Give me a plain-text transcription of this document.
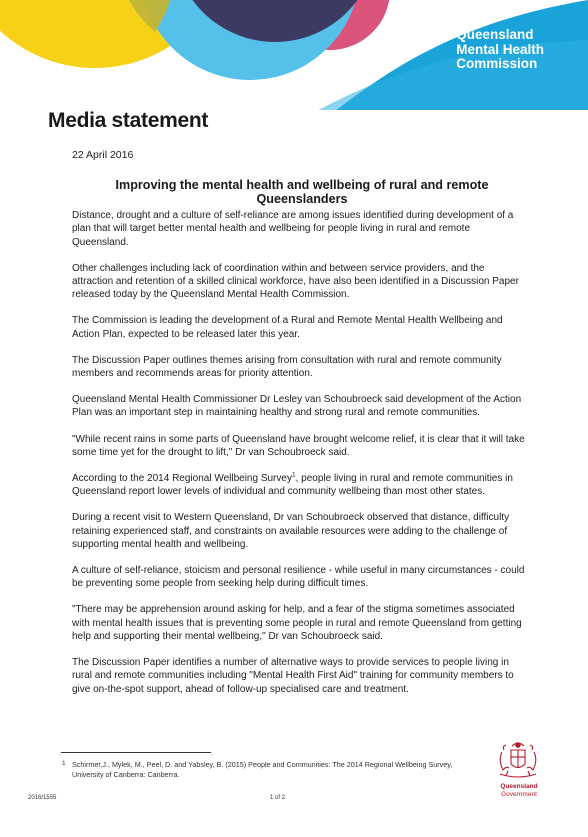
Queensland
Mental Health
Commission
Media statement
22 April 2016
Improving the mental health and wellbeing of rural and remote Queenslanders

Distance, drought and a culture of self-reliance are among issues identified during development of a plan that will target better mental health and wellbeing for people living in rural and remote Queensland.

Other challenges including lack of coordination within and between service providers, and the attraction and retention of a skilled clinical workforce, have also been identified in a Discussion Paper released today by the Queensland Mental Health Commission.

The Commission is leading the development of a Rural and Remote Mental Health Wellbeing and Action Plan, expected to be released later this year.

The Discussion Paper outlines themes arising from consultation with rural and remote community members and recommends areas for priority attention.

Queensland Mental Health Commissioner Dr Lesley van Schoubroeck said development of the Action Plan was an important step in maintaining healthy and strong rural and remote communities.

"While recent rains in some parts of Queensland have brought welcome relief, it is clear that it will take some time yet for the drought to lift," Dr van Schoubroeck said.

According to the 2014 Regional Wellbeing Survey$^1$, people living in rural and remote communities in Queensland report lower levels of individual and community wellbeing than most other states.

During a recent visit to Western Queensland, Dr van Schoubroeck observed that distance, difficulty retaining experienced staff, and constraints on available resources were adding to the challenge of supporting mental health and wellbeing.

A culture of self-reliance, stoicism and personal resilience - while useful in many circumstances - could be preventing some people from seeking help during difficult times.

"There may be apprehension around asking for help, and a fear of the stigma sometimes associated with mental health issues that is preventing some people in rural and remote Queensland from getting help and supporting their mental wellbeing," Dr van Schoubroeck said.

The Discussion Paper identifies a number of alternative ways to provide services to people living in rural and remote communities including "Mental Health First Aid" training for community members to give on-the-spot support, ahead of follow-up specialised care and treatment.

1 Schirmer,J., Mylek, M., Peel, D. and Yabsley, B. (2015) People and Communities: The 2014 Regional Wellbeing Survey, University of Canberra: Canberra.
2016/1555	1 of 2
Queensland
Government
